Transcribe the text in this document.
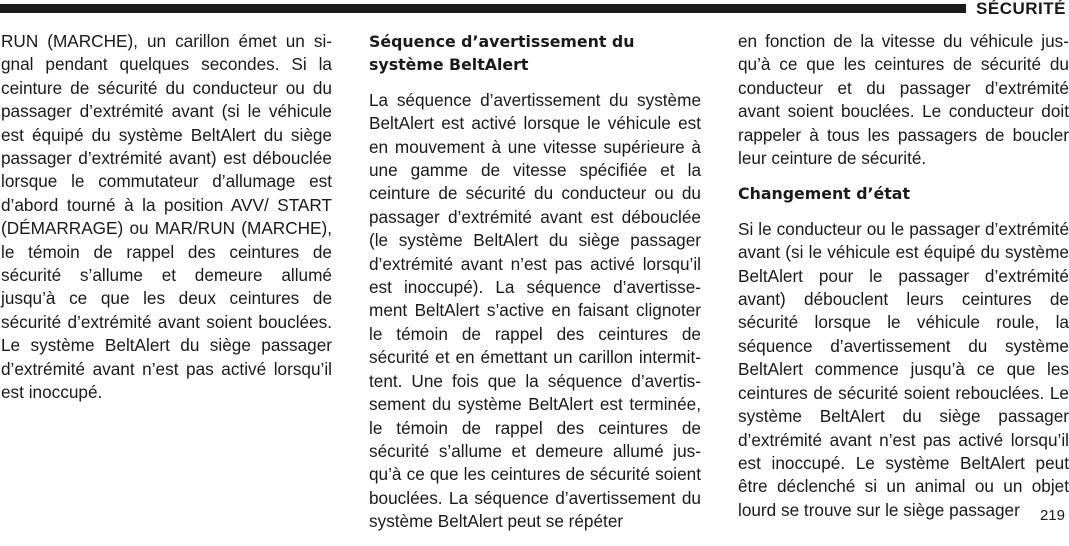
SÉCURITÉ

RUN (MARCHE), un carillon émet un signal pendant quelques secondes. Si la ceinture de sécurité du conducteur ou du passager d’extrémité avant (si le véhicule est équipé du système BeltAlert du siège passager d’extrémité avant) est débouclée lorsque le commutateur d’allumage est d’abord tourné à la position AVV/ START (DÉMARRAGE) ou MAR/RUN (MARCHE), le témoin de rappel des ceintures de sécurité s’allume et demeure allumé jusqu’à ce que les deux ceintures de sécurité d’extrémité avant soient bouclées. Le système BeltAlert du siège passager d’extrémité avant n’est pas activé lorsqu’il est inoccupé.

Séquence d’avertissement du système BeltAlert

La séquence d’avertissement du système BeltAlert est activé lorsque le véhicule est en mouvement à une vitesse supérieure à une gamme de vitesse spécifiée et la ceinture de sécurité du conducteur ou du passager d’extrémité avant est débouclée (le système BeltAlert du siège passager d’extrémité avant n’est pas activé lorsqu’il est inoccupé). La séquence d’avertissement BeltAlert s’active en faisant clignoter le témoin de rappel des ceintures de sécurité et en émettant un carillon intermittent. Une fois que la séquence d’avertissement du système BeltAlert est terminée, le témoin de rappel des ceintures de sécurité s’allume et demeure allumé jusqu’à ce que les ceintures de sécurité soient bouclées. La séquence d’avertissement du système BeltAlert peut se répéter

en fonction de la vitesse du véhicule jusqu’à ce que les ceintures de sécurité du conducteur et du passager d’extrémité avant soient bouclées. Le conducteur doit rappeler à tous les passagers de boucler leur ceinture de sécurité.

Changement d’état

Si le conducteur ou le passager d’extrémité avant (si le véhicule est équipé du système BeltAlert pour le passager d’extrémité avant) débouclent leurs ceintures de sécurité lorsque le véhicule roule, la séquence d’avertissement du système BeltAlert commence jusqu’à ce que les ceintures de sécurité soient rebouclées. Le système BeltAlert du siège passager d’extrémité avant n’est pas activé lorsqu’il est inoccupé. Le système BeltAlert peut être déclenché si un animal ou un objet lourd se trouve sur le siège passager	219
